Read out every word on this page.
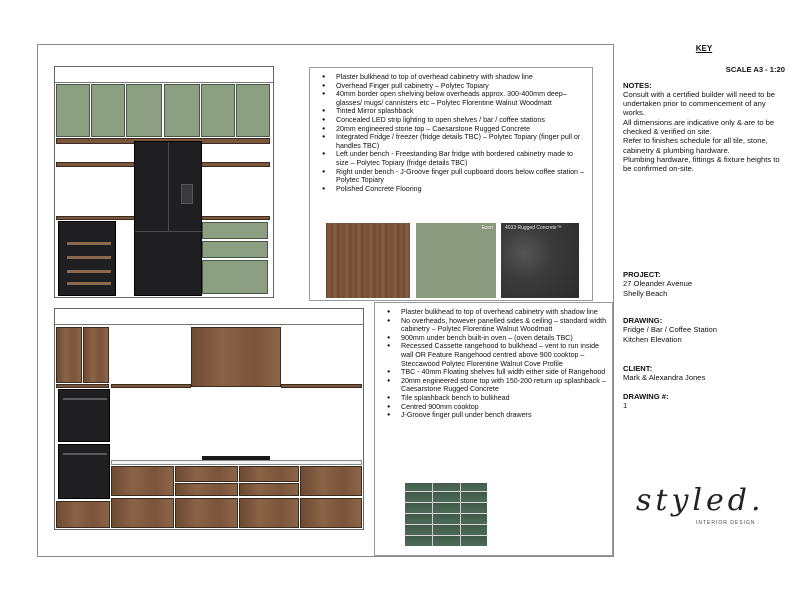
● Plaster bulkhead to top of overhead cabinetry with shadow line
● Overhead Finger pull cabinetry – Polytec Topiary
● 40mm border open shelving below overheads approx. 300-400mm deep– glasses/ mugs/ cannisters etc – Polytec Florentine Walnut Woodmatt
● Tinted Mirror splashback
● Concealed LED strip lighting to open shelves / bar / coffee stations
● 20mm engineered stone top – Caesarstone Rugged Concrete
● Integrated Fridge / freezer (fridge details TBC) – Polytec Topiary (finger pull or handles TBC)
● Left under bench - Freestanding Bar fridge with bordered cabinetry made to size – Polytec Topiary (fridge details TBC)
● Right under bench - J-Groove finger pull cupboard doors below coffee station – Polytec Topiary
● Polished Concrete Flooring
Ezon 4033 Rugged Concrete™
● Plaster bulkhead to top of overhead cabinetry with shadow line
● No overheads, however panelled sides & ceiling – standard width cabinetry – Polytec Florentine Walnut Woodmatt
● 900mm under bench built-in oven – (oven details TBC)
● Recessed Cassette rangehood to bulkhead – vent to run inside wall OR Feature Rangehood centred above 900 cooktop – Steccawood Polytec Florentine Walnut Cove Profile
● TBC - 40mm Floating shelves full width either side of Rangehood
● 20mm engineered stone top with 150-200 return up splashback – Caesarstone Rugged Concrete
● Tile splashback bench to bulkhead
● Centred 900mm cooktop
● J-Groove finger pull under bench drawers
KEY
SCALE A3 - 1:20
NOTES:
Consult with a certified builder will need to be undertaken prior to commencement of any works.
All dimensions are indicative only & are to be checked & verified on site.
Refer to finishes schedule for all tile, stone, cabinetry & plumbing hardware.
Plumbing hardware, fittings & fixture heights to be confirmed on-site.
PROJECT:
27 Oleander Avenue
Shelly Beach
DRAWING:
Fridge / Bar / Coffee Station
Kitchen Elevation
CLIENT:
Mark & Alexandra Jones
DRAWING #:
1
styled.
INTERIOR DESIGN
